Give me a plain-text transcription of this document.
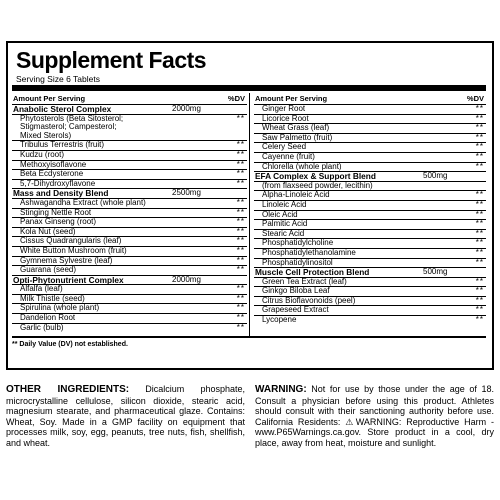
Supplement Facts
Serving Size 6 Tablets
Amount Per Serving	%DV
Anabolic Sterol Complex	2000mg
Phytosterols (Beta Sitosterol;
Stigmasterol; Campesterol;
Mixed Sterols)
**
Tribulus Terrestris (fruit)	**
Kudzu (root)	**
Methoxyisoflavone	**
Beta Ecdysterone	**
5,7-Dihydroxyflavone	**
Mass and Density Blend	2500mg
Ashwagandha Extract (whole plant)	**
Stinging Nettle Root	**
Panax Ginseng (root)	**
Kola Nut (seed)	**
Cissus Quadrangularis (leaf)	**
White Button Mushroom (fruit)	**
Gymnema Sylvestre (leaf)	**
Guarana (seed)	**
Opti-Phytonutrient Complex	2000mg
Alfalfa (leaf)	**
Milk Thistle (seed)	**
Spirulina (whole plant)	**
Dandelion Root	**
Garlic (bulb)	**
Amount Per Serving	%DV
Ginger Root	**
Licorice Root	**
Wheat Grass (leaf)	**
Saw Palmetto (fruit)	**
Celery Seed	**
Cayenne (fruit)	**
Chlorella (whole plant)	**
EFA Complex & Support Blend	500mg
(from flaxseed powder, lecithin)
Alpha-Linoleic Acid	**
Linoleic Acid	**
Oleic Acid	**
Palmitic Acid	**
Stearic Acid	**
Phosphatidylcholine	**
Phosphatidylethanolamine	**
Phosphatidylinositol	**
Muscle Cell Protection Blend	500mg
Green Tea Extract (leaf)	**
Ginkgo Biloba Leaf	**
Citrus Bioflavonoids (peel)	**
Grapeseed Extract	**
Lycopene	**
** Daily Value (DV) not established.
OTHER INGREDIENTS: Dicalcium phosphate, microcrystalline cellulose, silicon dioxide, stearic acid, magnesium stearate, and pharmaceutical glaze. Contains: Wheat, Soy. Made in a GMP facility on equipment that processes milk, soy, egg, peanuts, tree nuts, fish, shellfish, and wheat.
WARNING: Not for use by those under the age of 18. Consult a physician before using this product. Athletes should consult with their sanctioning authority before use. California Residents: ⚠WARNING: Reproductive Harm - www.P65Warnings.ca.gov. Store product in a cool, dry place, away from heat, moisture and sunlight.
